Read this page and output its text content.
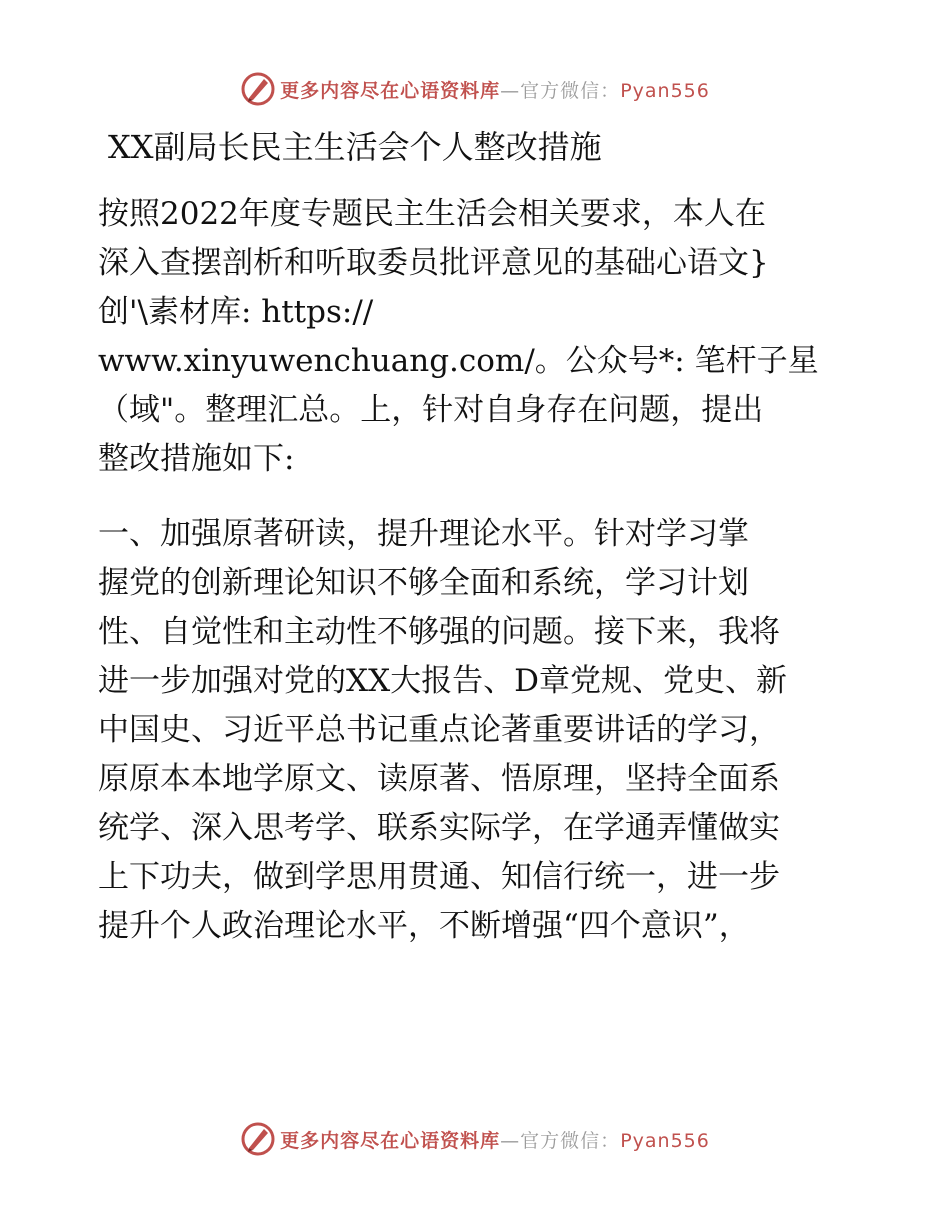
更多内容尽在心语资料库—官方微信：Pyan556
XX副局长民主生活会个人整改措施

按照2022年度专题民主生活会相关要求，本人在
深入查摆剖析和听取委员批评意见的基础心语文}
创'\素材库: https://
www.xinyuwenchuang.com/。公众号*: 笔杆子星
（域"。整理汇总。上，针对自身存在问题，提出
整改措施如下:

一、加强原著研读，提升理论水平。针对学习掌
握党的创新理论知识不够全面和系统，学习计划
性、自觉性和主动性不够强的问题。接下来，我将
进一步加强对党的XX大报告、D章党规、党史、新
中国史、习近平总书记重点论著重要讲话的学习，
原原本本地学原文、读原著、悟原理，坚持全面系
统学、深入思考学、联系实际学，在学通弄懂做实
上下功夫，做到学思用贯通、知信行统一，进一步
提升个人政治理论水平，不断增强“四个意识”，

更多内容尽在心语资料库—官方微信：Pyan556
